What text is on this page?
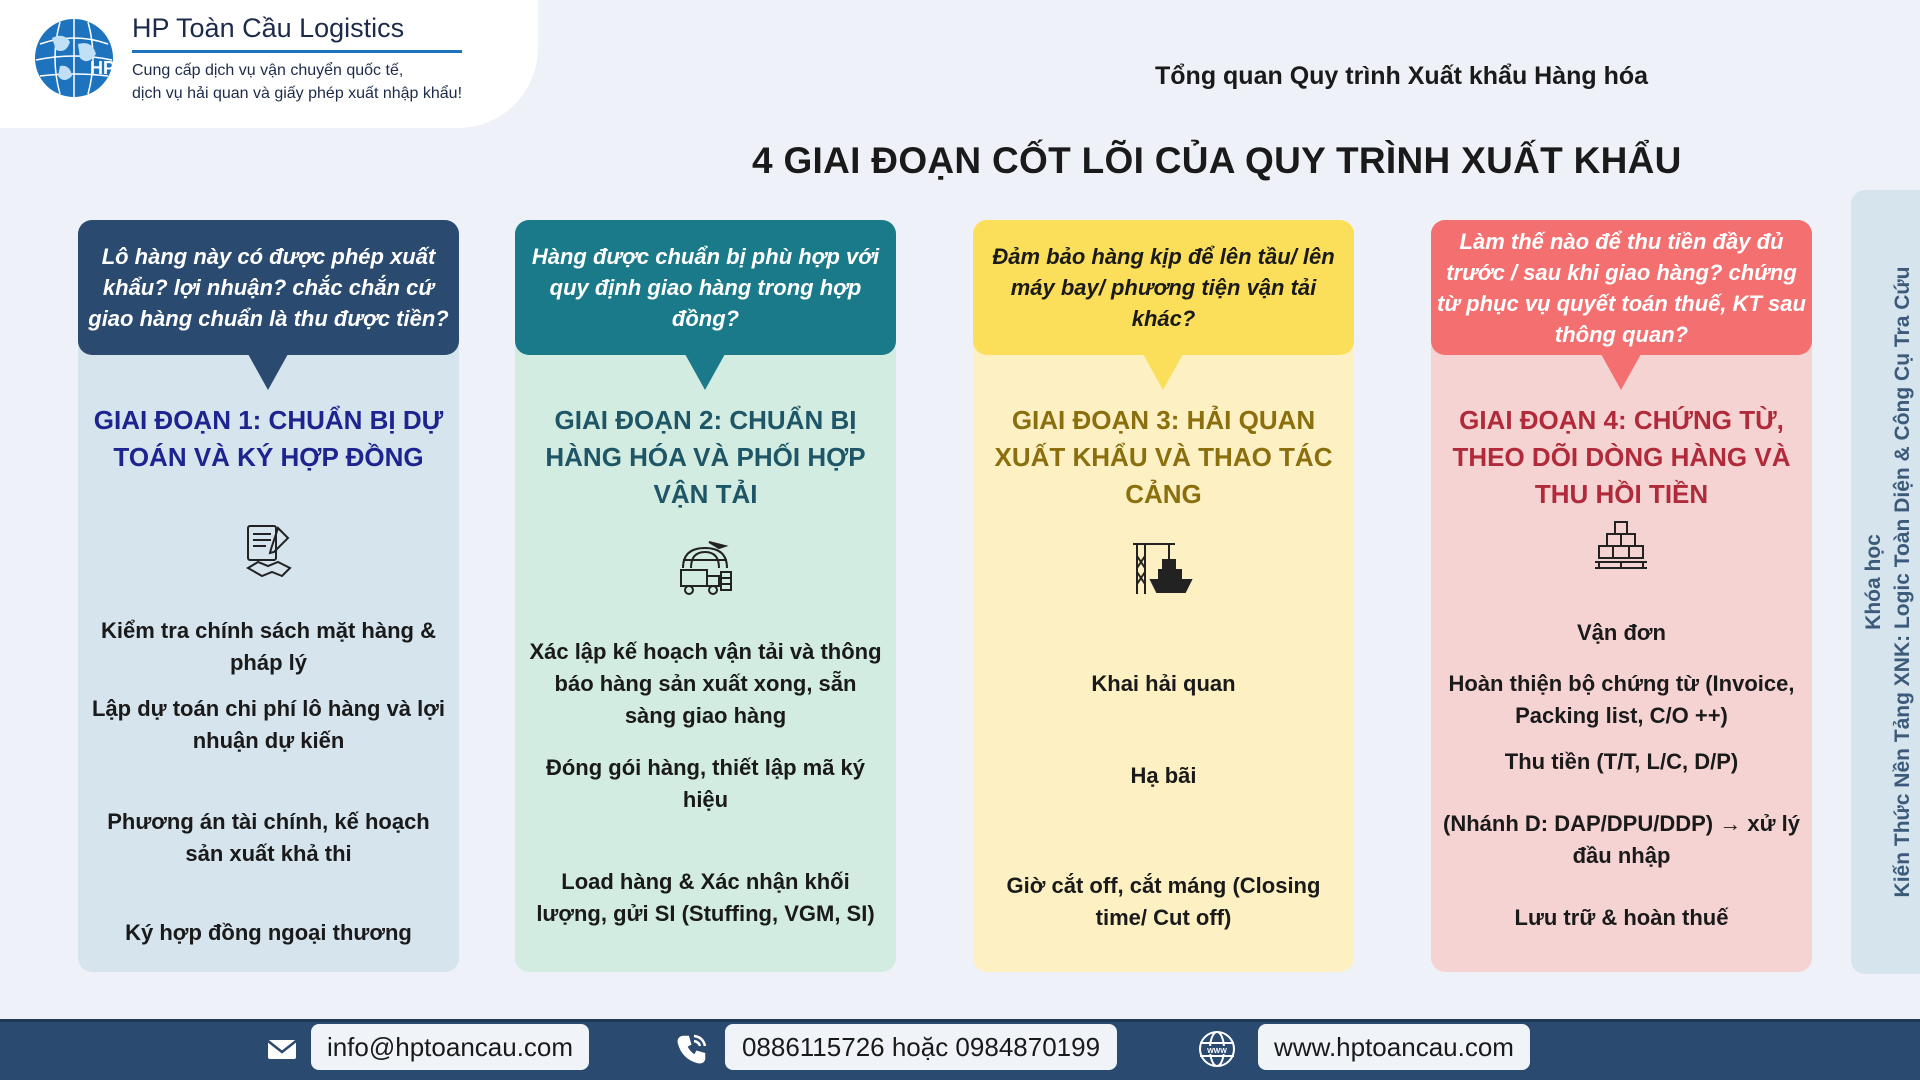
HP
HP Toàn Cầu Logistics
Cung cấp dịch vụ vận chuyển quốc tế,
dịch vụ hải quan và giấy phép xuất nhập khẩu!
Tổng quan Quy trình Xuất khẩu Hàng hóa
4 GIAI ĐOẠN CỐT LÕI CỦA QUY TRÌNH XUẤT KHẨU
Lô hàng này có được phép xuất khẩu? lợi nhuận? chắc chắn cứ giao hàng chuẩn là thu được tiền?
GIAI ĐOẠN 1: CHUẨN BỊ DỰ TOÁN VÀ KÝ HỢP ĐỒNG
Kiểm tra chính sách mặt hàng & pháp lý
Lập dự toán chi phí lô hàng và lợi nhuận dự kiến
Phương án tài chính, kế hoạch sản xuất khả thi
Ký hợp đồng ngoại thương
Hàng được chuẩn bị phù hợp với quy định giao hàng trong hợp đồng?
GIAI ĐOẠN 2: CHUẨN BỊ HÀNG HÓA VÀ PHỐI HỢP VẬN TẢI
Xác lập kế hoạch vận tải và thông báo hàng sản xuất xong, sẵn sàng giao hàng
Đóng gói hàng, thiết lập mã ký hiệu
Load hàng & Xác nhận khối lượng, gửi SI (Stuffing, VGM, SI)
Đảm bảo hàng kịp để lên tầu/ lên máy bay/ phương tiện vận tải khác?
GIAI ĐOẠN 3: HẢI QUAN XUẤT KHẨU VÀ THAO TÁC CẢNG
Khai hải quan
Hạ bãi
Giờ cắt off, cắt máng (Closing time/ Cut off)
Làm thế nào để thu tiền đầy đủ trước / sau khi giao hàng? chứng từ phục vụ quyết toán thuế, KT sau thông quan?
GIAI ĐOẠN 4: CHỨNG TỪ, THEO DÕI DÒNG HÀNG VÀ THU HỒI TIỀN
Vận đơn
Hoàn thiện bộ chứng từ (Invoice, Packing list, C/O ++)
Thu tiền (T/T, L/C, D/P)
(Nhánh D: DAP/DPU/DDP) → xử lý đầu nhập
Lưu trữ & hoàn thuế
Khóa học Kiến Thức Nền Tảng XNK: Logic Toàn Diện & Công Cụ Tra Cứu
info@hptoancau.com	0886115726 hoặc 0984870199	WWW	www.hptoancau.com
